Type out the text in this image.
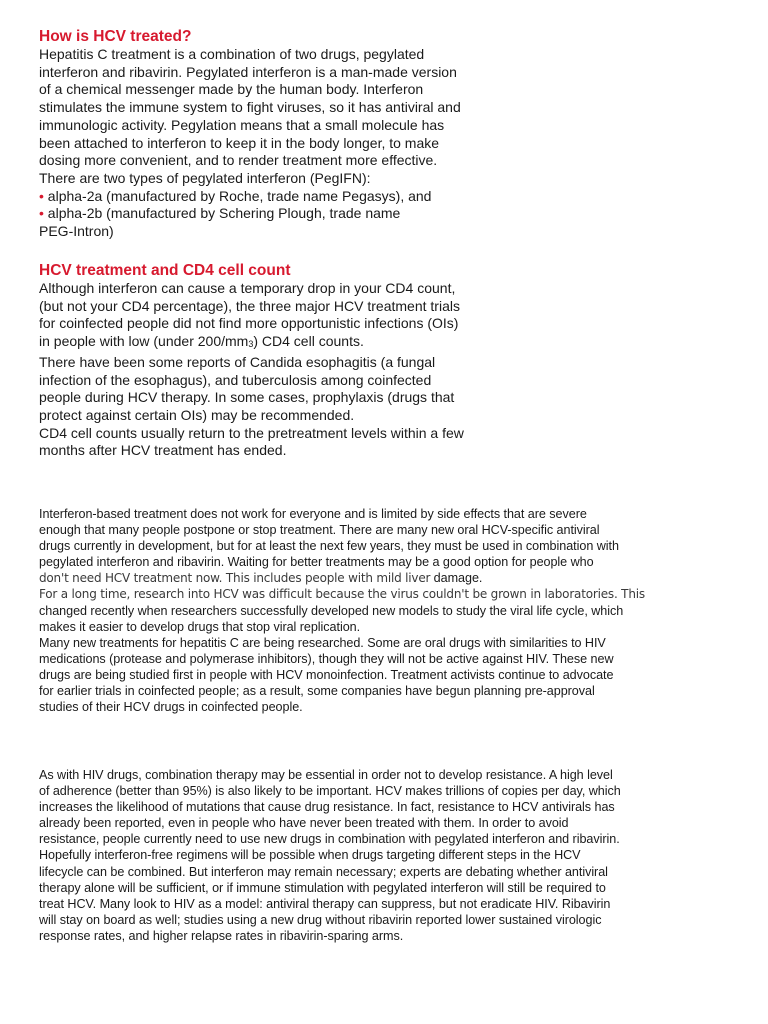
How is HCV treated?

Hepatitis C treatment is a combination of two drugs, pegylated

interferon and ribavirin. Pegylated interferon is a man-made version

of a chemical messenger made by the human body. Interferon

stimulates the immune system to fight viruses, so it has antiviral and

immunologic activity. Pegylation means that a small molecule has

been attached to interferon to keep it in the body longer, to make

dosing more convenient, and to render treatment more effective.

There are two types of pegylated interferon (PegIFN):

• alpha-2a (manufactured by Roche, trade name Pegasys), and

• alpha-2b (manufactured by Schering Plough, trade name

PEG-Intron)

HCV treatment and CD4 cell count

Although interferon can cause a temporary drop in your CD4 count,

(but not your CD4 percentage), the three major HCV treatment trials

for coinfected people did not find more opportunistic infections (OIs)

in people with low (under 200/mm3) CD4 cell counts.

There have been some reports of Candida esophagitis (a fungal

infection of the esophagus), and tuberculosis among coinfected

people during HCV therapy. In some cases, prophylaxis (drugs that

protect against certain OIs) may be recommended.

CD4 cell counts usually return to the pretreatment levels within a few

months after HCV treatment has ended.

Interferon-based treatment does not work for everyone and is limited by side effects that are severe

enough that many people postpone or stop treatment. There are many new oral HCV-specific antiviral

drugs currently in development, but for at least the next few years, they must be used in combination with

pegylated interferon and ribavirin. Waiting for better treatments may be a good option for people who

don't need HCV treatment now. This includes people with mild liver damage.

For a long time, research into HCV was difficult because the virus couldn't be grown in laboratories. This

changed recently when researchers successfully developed new models to study the viral life cycle, which

makes it easier to develop drugs that stop viral replication.

Many new treatments for hepatitis C are being researched. Some are oral drugs with similarities to HIV

medications (protease and polymerase inhibitors), though they will not be active against HIV. These new

drugs are being studied first in people with HCV monoinfection. Treatment activists continue to advocate

for earlier trials in coinfected people; as a result, some companies have begun planning pre-approval

studies of their HCV drugs in coinfected people.

As with HIV drugs, combination therapy may be essential in order not to develop resistance. A high level

of adherence (better than 95%) is also likely to be important. HCV makes trillions of copies per day, which

increases the likelihood of mutations that cause drug resistance. In fact, resistance to HCV antivirals has

already been reported, even in people who have never been treated with them. In order to avoid

resistance, people currently need to use new drugs in combination with pegylated interferon and ribavirin.

Hopefully interferon-free regimens will be possible when drugs targeting different steps in the HCV

lifecycle can be combined. But interferon may remain necessary; experts are debating whether antiviral

therapy alone will be sufficient, or if immune stimulation with pegylated interferon will still be required to

treat HCV. Many look to HIV as a model: antiviral therapy can suppress, but not eradicate HIV. Ribavirin

will stay on board as well; studies using a new drug without ribavirin reported lower sustained virologic

response rates, and higher relapse rates in ribavirin-sparing arms.
